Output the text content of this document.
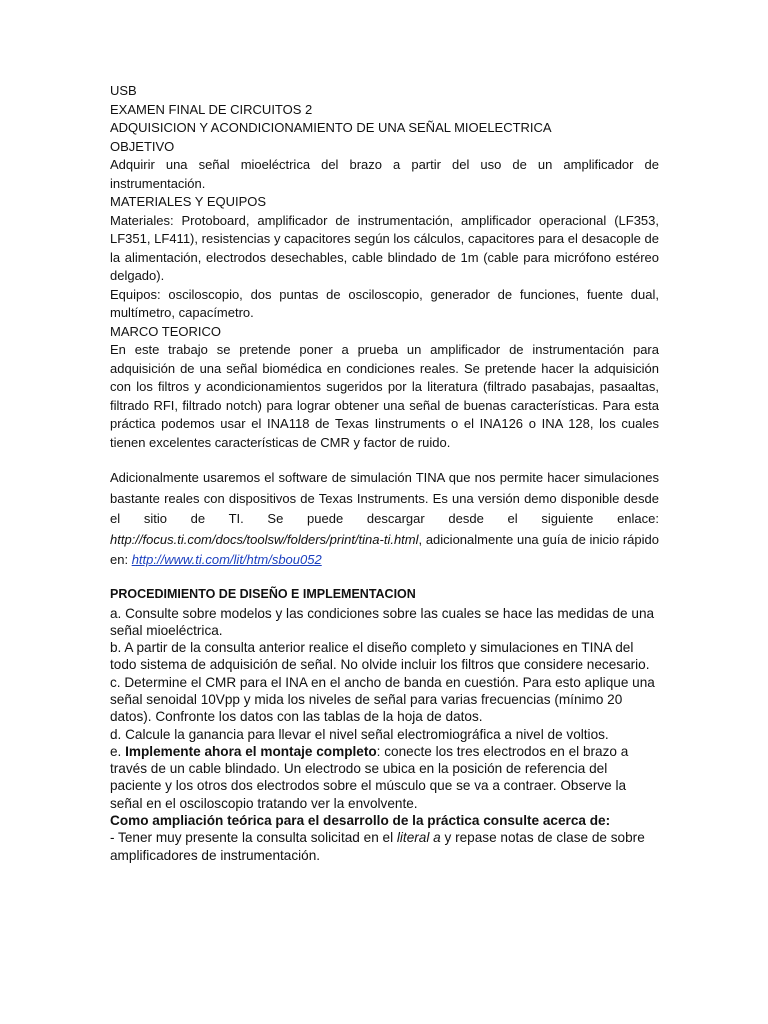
USB

EXAMEN FINAL DE CIRCUITOS 2

ADQUISICION Y ACONDICIONAMIENTO DE UNA SEÑAL MIOELECTRICA

OBJETIVO

Adquirir una señal mioeléctrica del brazo a partir del uso de un amplificador de instrumentación.

MATERIALES Y EQUIPOS

Materiales: Protoboard, amplificador de instrumentación, amplificador operacional (LF353, LF351, LF411), resistencias y capacitores según los cálculos, capacitores para el desacople de la alimentación, electrodos desechables, cable blindado de 1m (cable para micrófono estéreo delgado).

Equipos: osciloscopio, dos puntas de osciloscopio, generador de funciones, fuente dual, multímetro, capacímetro.

MARCO TEORICO

En este trabajo se pretende poner a prueba un amplificador de instrumentación para adquisición de una señal biomédica en condiciones reales. Se pretende hacer la adquisición con los filtros y acondicionamientos sugeridos por la literatura (filtrado pasabajas, pasaaltas, filtrado RFI, filtrado notch) para lograr obtener una señal de buenas características. Para esta práctica podemos usar el INA118 de Texas Iinstruments o el INA126 o INA 128, los cuales tienen excelentes características de CMR y factor de ruido.

Adicionalmente usaremos el software de simulación TINA que nos permite hacer simulaciones bastante reales con dispositivos de Texas Instruments. Es una versión demo disponible desde el sitio de TI. Se puede descargar desde el siguiente enlace: http://focus.ti.com/docs/toolsw/folders/print/tina-ti.html, adicionalmente una guía de inicio rápido en: http://www.ti.com/lit/htm/sbou052

PROCEDIMIENTO DE DISEÑO E IMPLEMENTACION

a. Consulte sobre modelos y las condiciones sobre las cuales se hace las medidas de una señal mioeléctrica.

b. A partir de la consulta anterior realice el diseño completo y simulaciones en TINA del todo sistema de adquisición de señal. No olvide incluir los filtros que considere necesario.

c. Determine el CMR para el INA en el ancho de banda en cuestión. Para esto aplique una señal senoidal 10Vpp y mida los niveles de señal para varias frecuencias (mínimo 20 datos). Confronte los datos con las tablas de la hoja de datos.

d. Calcule la ganancia para llevar el nivel señal electromiográfica a nivel de voltios.

e. Implemente ahora el montaje completo: conecte los tres electrodos en el brazo a través de un cable blindado. Un electrodo se ubica en la posición de referencia del paciente y los otros dos electrodos sobre el músculo que se va a contraer. Observe la señal en el osciloscopio tratando ver la envolvente.

Como ampliación teórica para el desarrollo de la práctica consulte acerca de:

- Tener muy presente la consulta solicitad en el literal a y repase notas de clase de sobre amplificadores de instrumentación.
